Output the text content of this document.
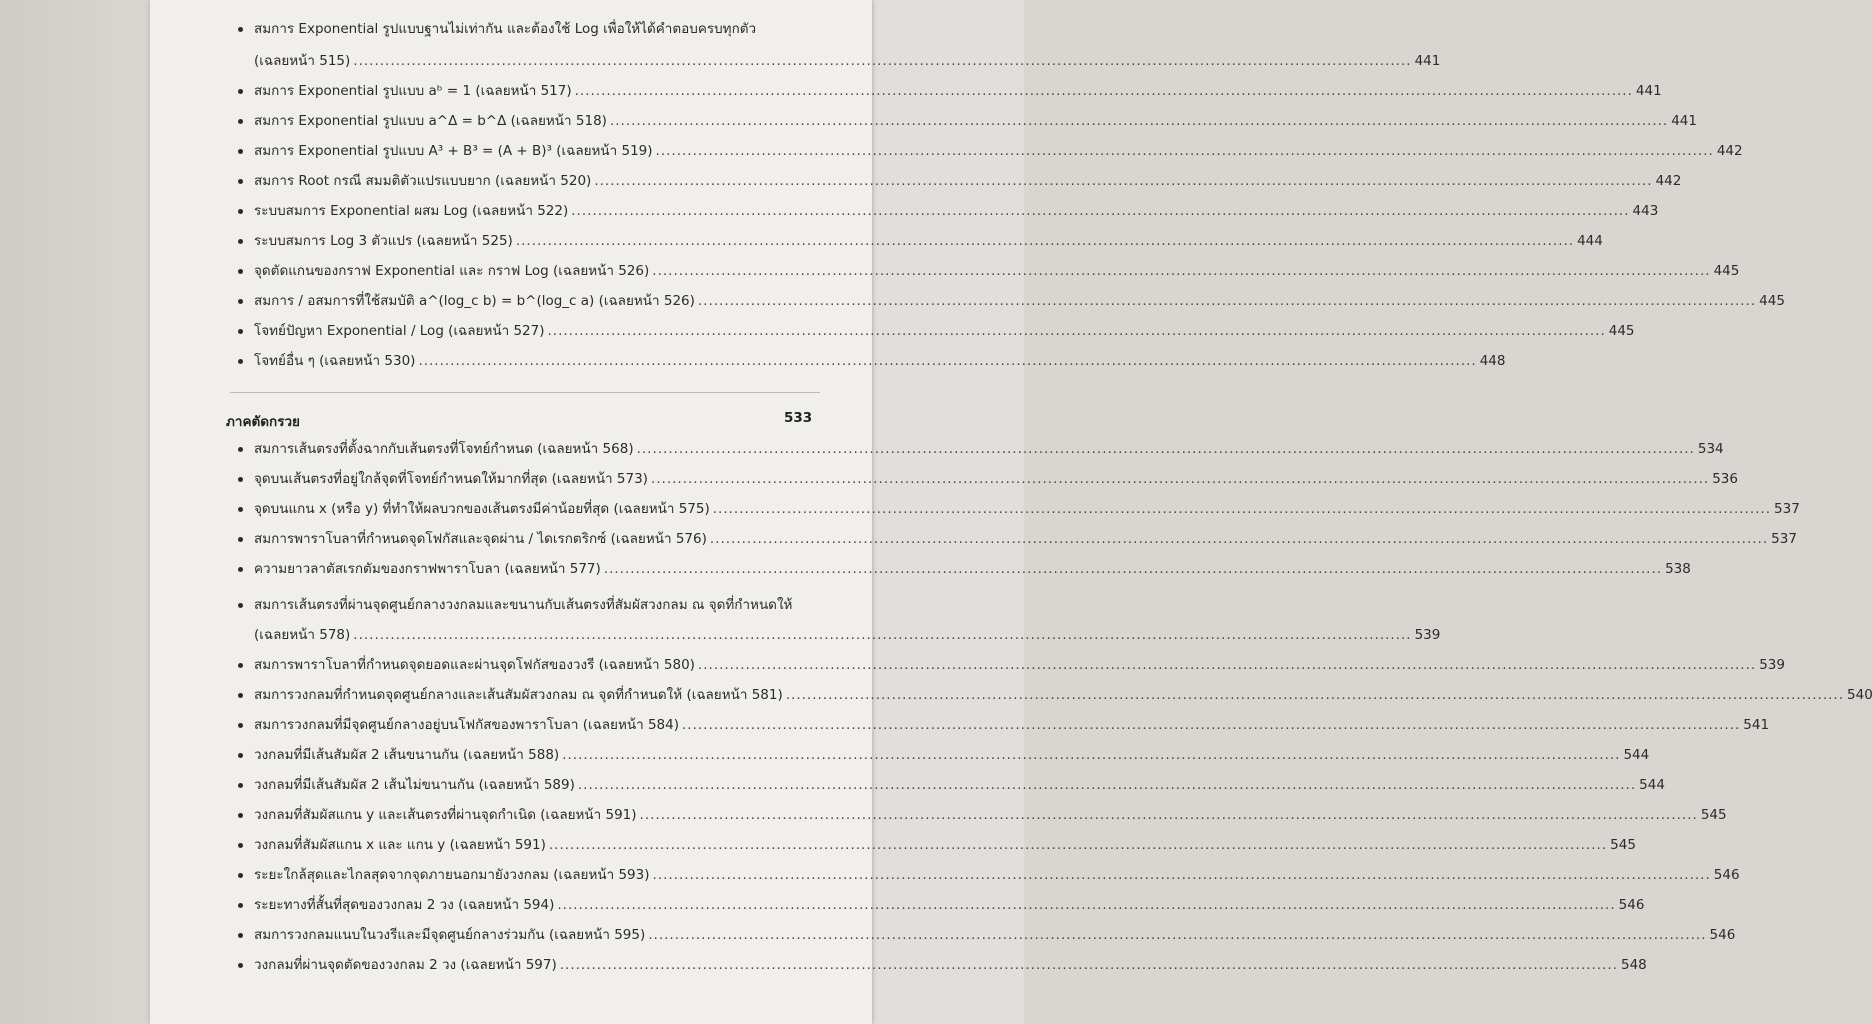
สมการ Exponential รูปแบบฐานไม่เท่ากัน และต้องใช้ Log เพื่อให้ได้คำตอบครบทุกตัว
(เฉลยหน้า 515) ........................................................................................................................................................................................................ 441
สมการ Exponential รูปแบบ aᵇ = 1 (เฉลยหน้า 517) ........................................................................................................................................................................................................ 441
สมการ Exponential รูปแบบ a^Δ = b^Δ (เฉลยหน้า 518) ........................................................................................................................................................................................................ 441
สมการ Exponential รูปแบบ A³ + B³ = (A + B)³ (เฉลยหน้า 519) ........................................................................................................................................................................................................ 442
สมการ Root กรณี สมมติตัวแปรแบบยาก (เฉลยหน้า 520) ........................................................................................................................................................................................................ 442
ระบบสมการ Exponential ผสม Log (เฉลยหน้า 522) ........................................................................................................................................................................................................ 443
ระบบสมการ Log 3 ตัวแปร (เฉลยหน้า 525) ........................................................................................................................................................................................................ 444
จุดตัดแกนของกราฟ Exponential และ กราฟ Log (เฉลยหน้า 526) ........................................................................................................................................................................................................ 445
สมการ / อสมการที่ใช้สมบัติ a^(log_c b) = b^(log_c a) (เฉลยหน้า 526) ........................................................................................................................................................................................................ 445
โจทย์ปัญหา Exponential / Log (เฉลยหน้า 527) ........................................................................................................................................................................................................ 445
โจทย์อื่น ๆ (เฉลยหน้า 530) ........................................................................................................................................................................................................ 448
ภาคตัดกรวย	533
สมการเส้นตรงที่ตั้งฉากกับเส้นตรงที่โจทย์กำหนด (เฉลยหน้า 568) ........................................................................................................................................................................................................ 534
จุดบนเส้นตรงที่อยู่ใกล้จุดที่โจทย์กำหนดให้มากที่สุด (เฉลยหน้า 573) ........................................................................................................................................................................................................ 536
จุดบนแกน x (หรือ y) ที่ทำให้ผลบวกของเส้นตรงมีค่าน้อยที่สุด (เฉลยหน้า 575) ........................................................................................................................................................................................................ 537
สมการพาราโบลาที่กำหนดจุดโฟกัสและจุดผ่าน / ไดเรกตริกซ์ (เฉลยหน้า 576) ........................................................................................................................................................................................................ 537
ความยาวลาตัสเรกตัมของกราฟพาราโบลา (เฉลยหน้า 577) ........................................................................................................................................................................................................ 538
สมการเส้นตรงที่ผ่านจุดศูนย์กลางวงกลมและขนานกับเส้นตรงที่สัมผัสวงกลม ณ จุดที่กำหนดให้
(เฉลยหน้า 578) ........................................................................................................................................................................................................ 539
สมการพาราโบลาที่กำหนดจุดยอดและผ่านจุดโฟกัสของวงรี (เฉลยหน้า 580) ........................................................................................................................................................................................................ 539
สมการวงกลมที่กำหนดจุดศูนย์กลางและเส้นสัมผัสวงกลม ณ จุดที่กำหนดให้ (เฉลยหน้า 581) ........................................................................................................................................................................................................ 540
สมการวงกลมที่มีจุดศูนย์กลางอยู่บนโฟกัสของพาราโบลา (เฉลยหน้า 584) ........................................................................................................................................................................................................ 541
วงกลมที่มีเส้นสัมผัส 2 เส้นขนานกัน (เฉลยหน้า 588) ........................................................................................................................................................................................................ 544
วงกลมที่มีเส้นสัมผัส 2 เส้นไม่ขนานกัน (เฉลยหน้า 589) ........................................................................................................................................................................................................ 544
วงกลมที่สัมผัสแกน y และเส้นตรงที่ผ่านจุดกำเนิด (เฉลยหน้า 591) ........................................................................................................................................................................................................ 545
วงกลมที่สัมผัสแกน x และ แกน y (เฉลยหน้า 591) ........................................................................................................................................................................................................ 545
ระยะใกล้สุดและไกลสุดจากจุดภายนอกมายังวงกลม (เฉลยหน้า 593) ........................................................................................................................................................................................................ 546
ระยะทางที่สั้นที่สุดของวงกลม 2 วง (เฉลยหน้า 594) ........................................................................................................................................................................................................ 546
สมการวงกลมแนบในวงรีและมีจุดศูนย์กลางร่วมกัน (เฉลยหน้า 595) ........................................................................................................................................................................................................ 546
วงกลมที่ผ่านจุดตัดของวงกลม 2 วง (เฉลยหน้า 597) ........................................................................................................................................................................................................ 548
